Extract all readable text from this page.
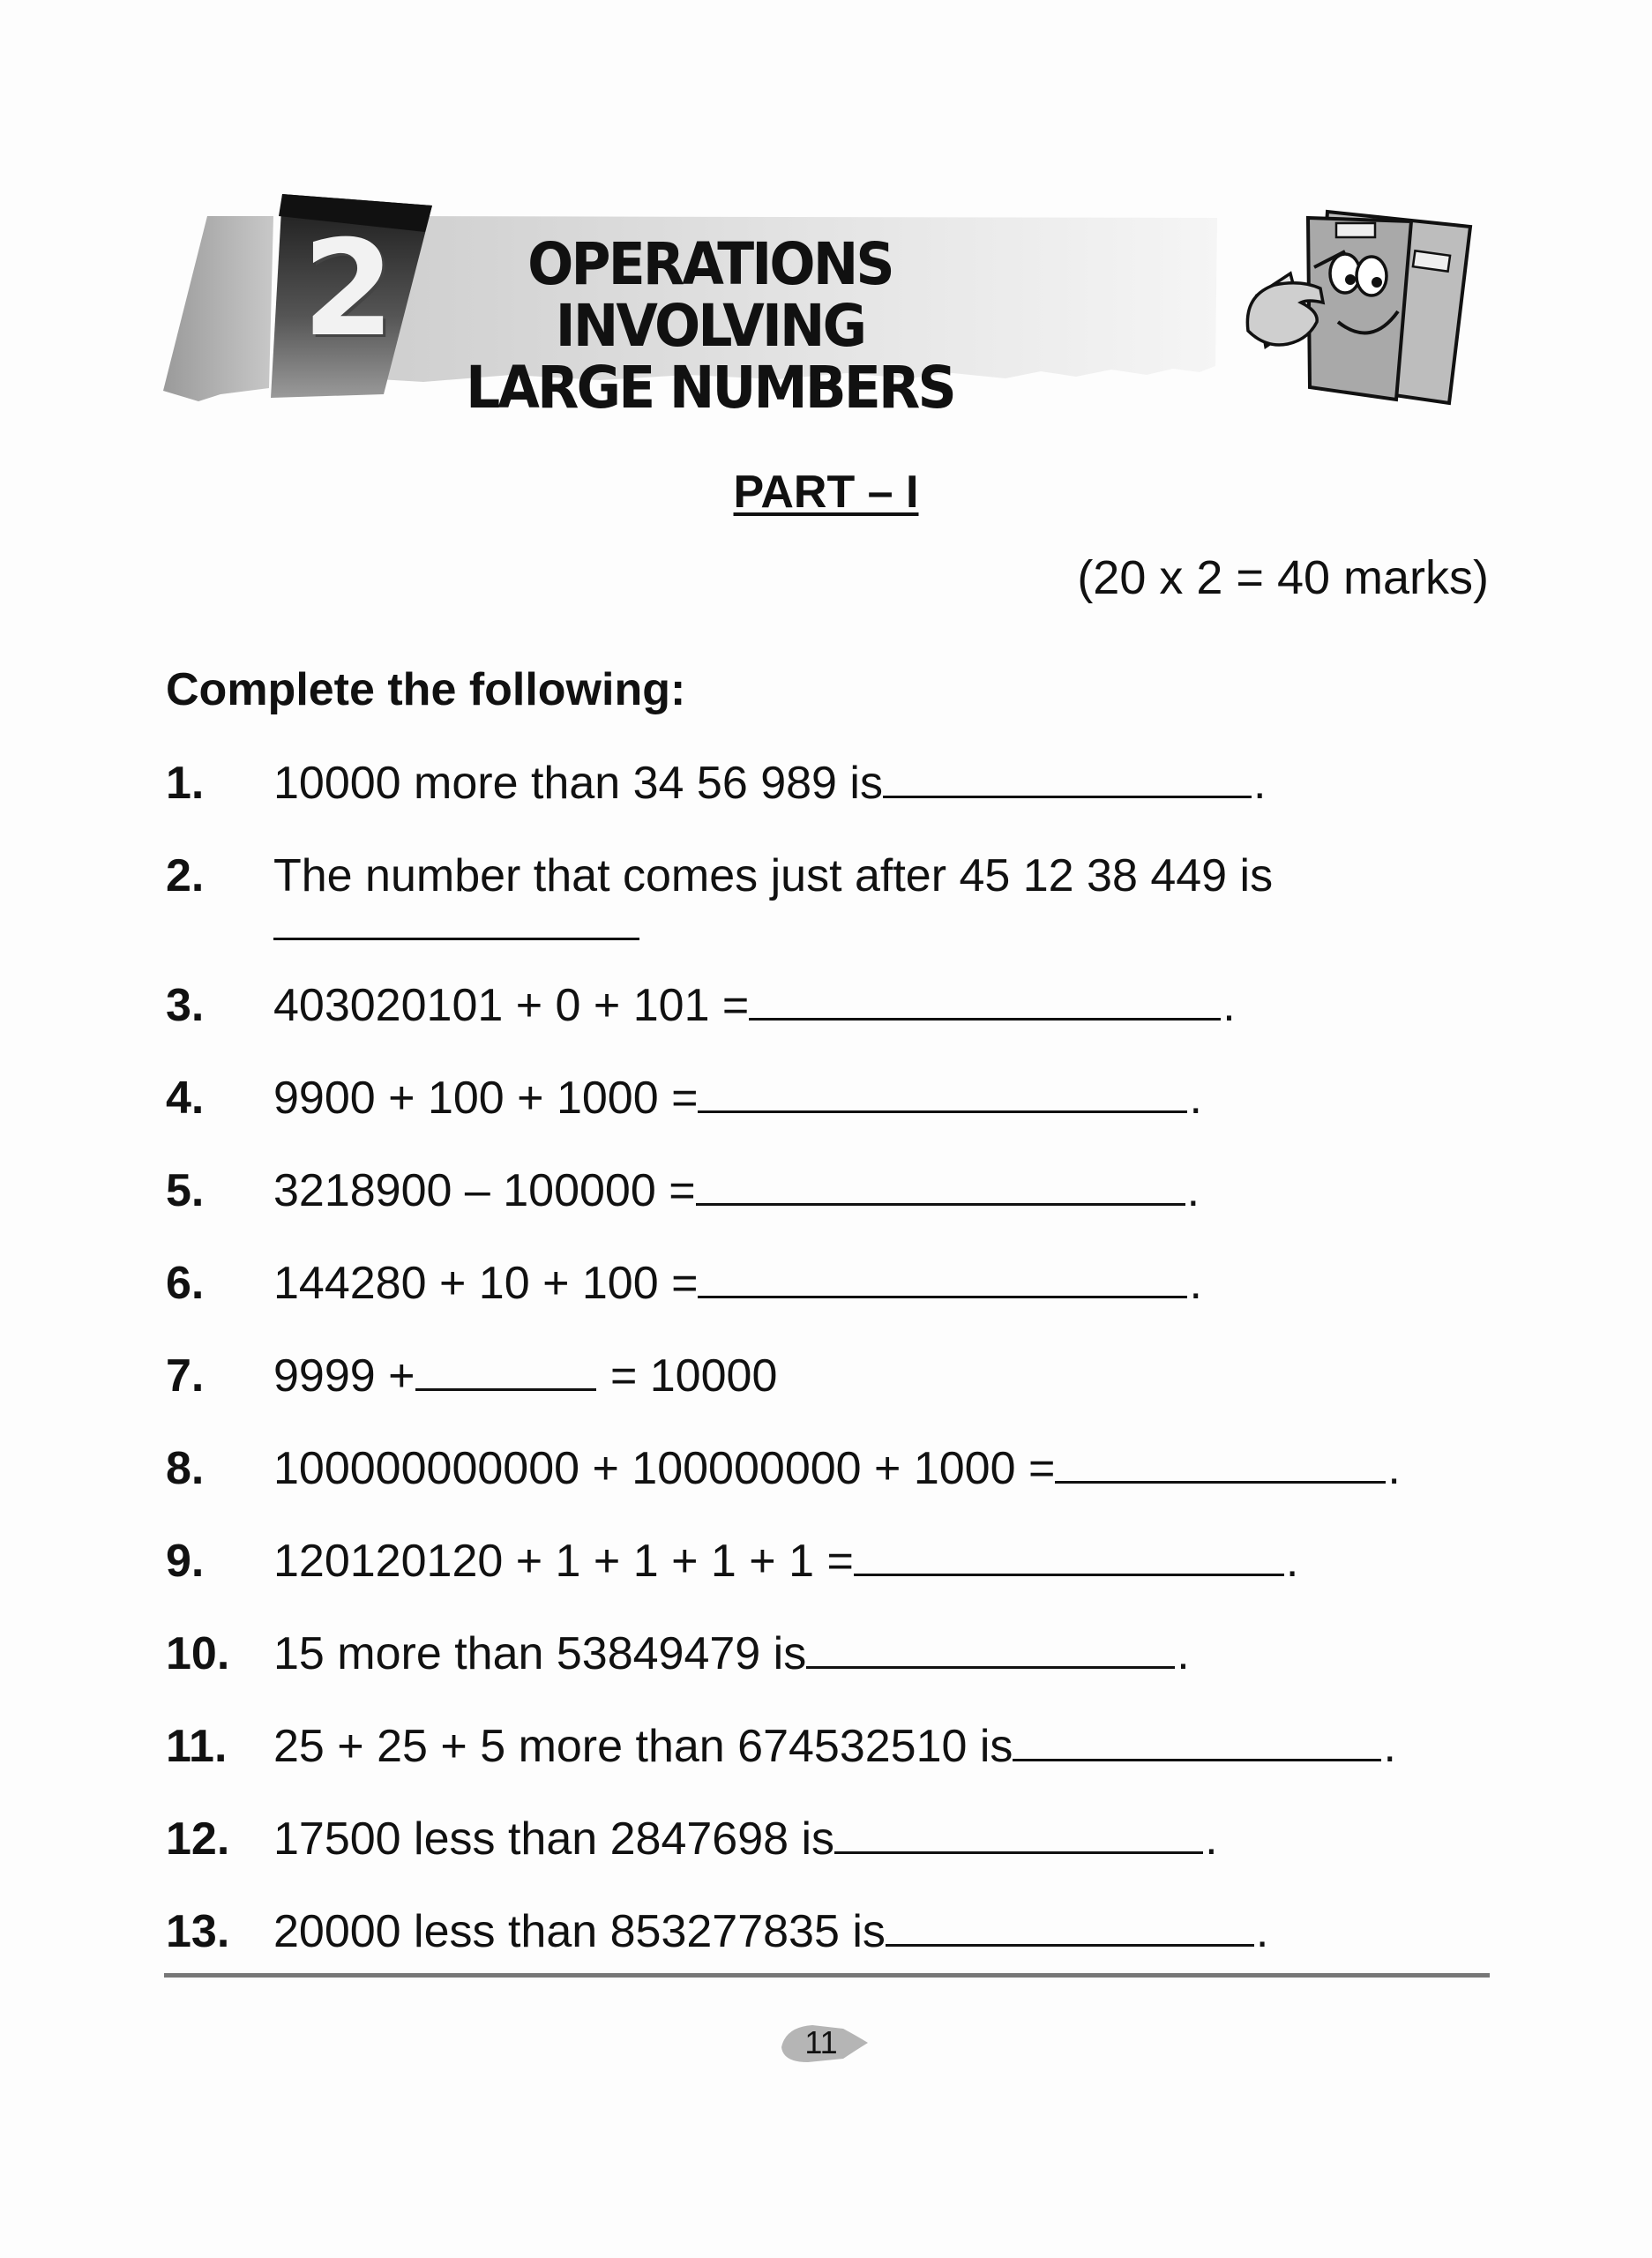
2	OPERATIONS INVOLVING
LARGE NUMBERS
PART – I
(20 x 2 = 40 marks)
Complete the following:
1. 10000 more than 34 56 989 is	.
2. The number that comes just after 45 12 38 449 is
3. 403020101 + 0 + 101 =	.
4. 9900 + 100 + 1000 =	.
5. 3218900 – 100000 =	.
6. 144280 + 10 + 100 =	.
7. 9999 +	= 10000
8. 100000000000 + 100000000 + 1000 =	.
9. 120120120 + 1 + 1 + 1 + 1 =	.
10. 15 more than 53849479 is	.
11. 25 + 25 + 5 more than 674532510 is	.
12. 17500 less than 2847698 is	.
13. 20000 less than 853277835 is	.
11
